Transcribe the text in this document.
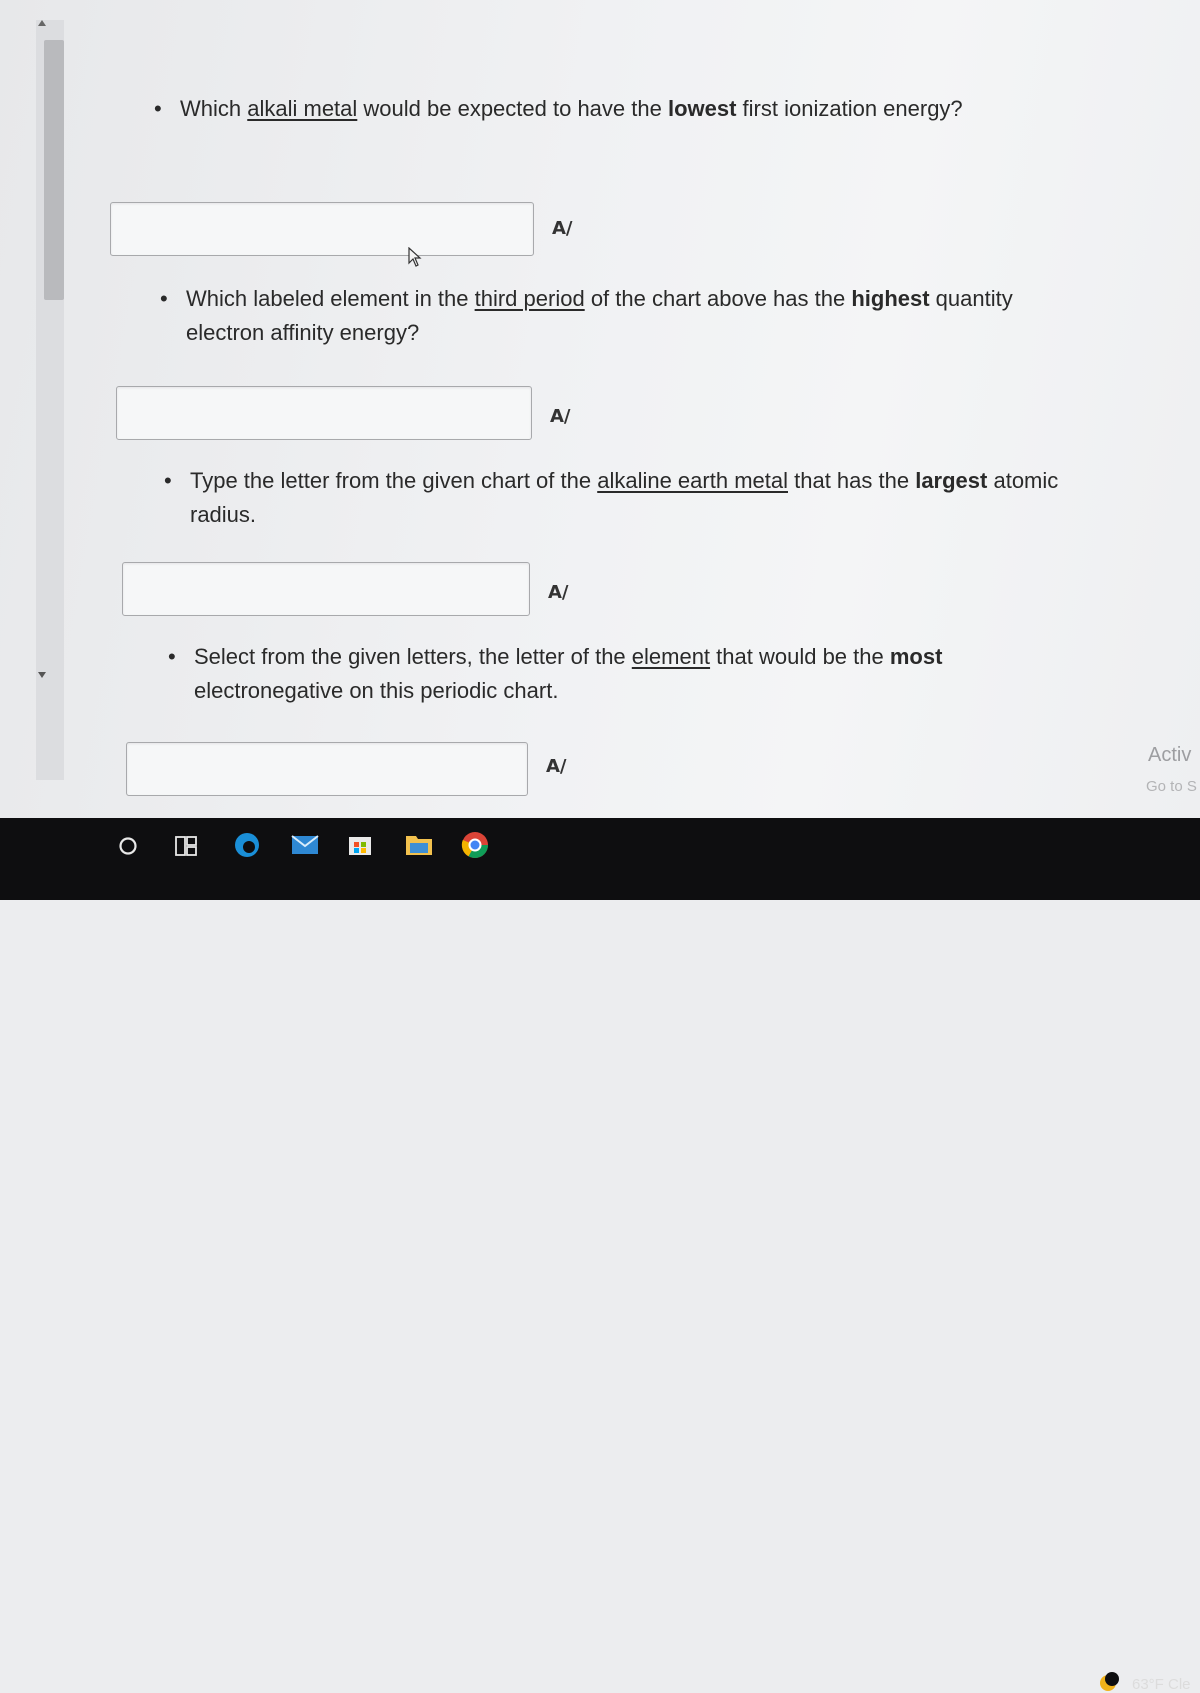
• Which alkali metal would be expected to have the lowest first ionization energy?
A/
• Which labeled element in the third period of the chart above has the highest quantity electron affinity energy?
A/
• Type the letter from the given chart of the alkaline earth metal that has the largest atomic radius.
A/
• Select from the given letters, the letter of the element that would be the most electronegative on this periodic chart.
A/
Activ
Go to S
63°F Cle
